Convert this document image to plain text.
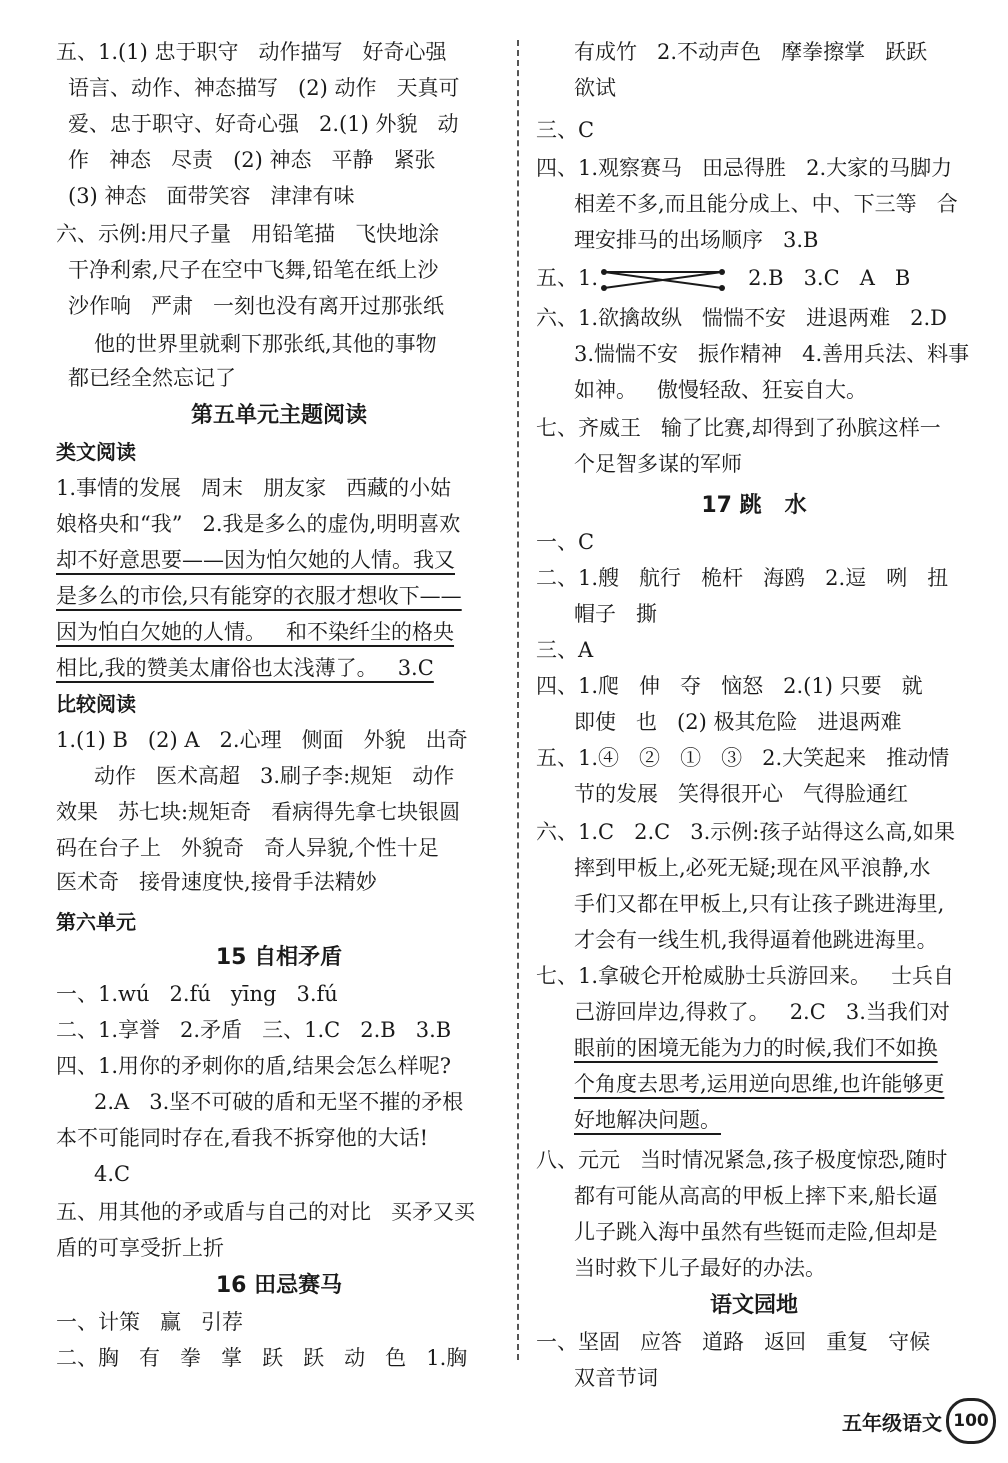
五、1.(1) 忠于职守   动作描写   好奇心强
语言、动作、神态描写   (2) 动作   天真可
爱、忠于职守、好奇心强   2.(1) 外貌   动
作   神态   尽责   (2) 神态   平静   紧张
(3) 神态   面带笑容   津津有味
六、示例:用尺子量   用铅笔描   飞快地涂
干净利索,尺子在空中飞舞,铅笔在纸上沙
沙作响   严肃   一刻也没有离开过那张纸
他的世界里就剩下那张纸,其他的事物
都已经全然忘记了
第五单元主题阅读
类文阅读
1.事情的发展   周末   朋友家   西藏的小姑
娘格央和“我”   2.我是多么的虚伪,明明喜欢
却不好意思要——因为怕欠她的人情。我又
是多么的市侩,只有能穿的衣服才想收下——
因为怕白欠她的人情。   和不染纤尘的格央
相比,我的赞美太庸俗也太浅薄了。   3.C
比较阅读
1.(1) B   (2) A   2.心理   侧面   外貌   出奇
动作   医术高超   3.刷子李:规矩   动作
效果   苏七块:规矩奇   看病得先拿七块银圆
码在台子上   外貌奇   奇人异貌,个性十足
医术奇   接骨速度快,接骨手法精妙
第六单元
15 自相矛盾
一、1.wú   2.fú   yīng   3.fú
二、1.享誉   2.矛盾   三、1.C   2.B   3.B
四、1.用你的矛刺你的盾,结果会怎么样呢?
2.A   3.坚不可破的盾和无坚不摧的矛根
本不可能同时存在,看我不拆穿他的大话!
4.C
五、用其他的矛或盾与自己的对比   买矛又买
盾的可享受折上折
16 田忌赛马
一、计策   赢   引荐
二、胸   有   拳   掌   跃   跃   动   色   1.胸
有成竹   2.不动声色   摩拳擦掌   跃跃
欲试
三、C
四、1.观察赛马   田忌得胜   2.大家的马脚力
相差不多,而且能分成上、中、下三等   合
理安排马的出场顺序   3.B
五、1.	2.B   3.C   A   B
六、1.欲擒故纵   惴惴不安   进退两难   2.D
3.惴惴不安   振作精神   4.善用兵法、料事
如神。   傲慢轻敌、狂妄自大。
七、齐威王   输了比赛,却得到了孙膑这样一
个足智多谋的军师
17 跳   水
一、C
二、1.艘   航行   桅杆   海鸥   2.逗   咧   扭
帽子   撕
三、A
四、1.爬   伸   夺   恼怒   2.(1) 只要   就
即使   也   (2) 极其危险   进退两难
五、1.④   ②   ①   ③   2.大笑起来   推动情
节的发展   笑得很开心   气得脸通红
六、1.C   2.C   3.示例:孩子站得这么高,如果
摔到甲板上,必死无疑;现在风平浪静,水
手们又都在甲板上,只有让孩子跳进海里,
才会有一线生机,我得逼着他跳进海里。
七、1.拿破仑开枪威胁士兵游回来。   士兵自
己游回岸边,得救了。   2.C   3.当我们对
眼前的困境无能为力的时候,我们不如换
个角度去思考,运用逆向思维,也许能够更
好地解决问题。
八、元元   当时情况紧急,孩子极度惊恐,随时
都有可能从高高的甲板上摔下来,船长逼
儿子跳入海中虽然有些铤而走险,但却是
当时救下儿子最好的办法。
语文园地
一、坚固   应答   道路   返回   重复   守候
双音节词
五年级语文 100
